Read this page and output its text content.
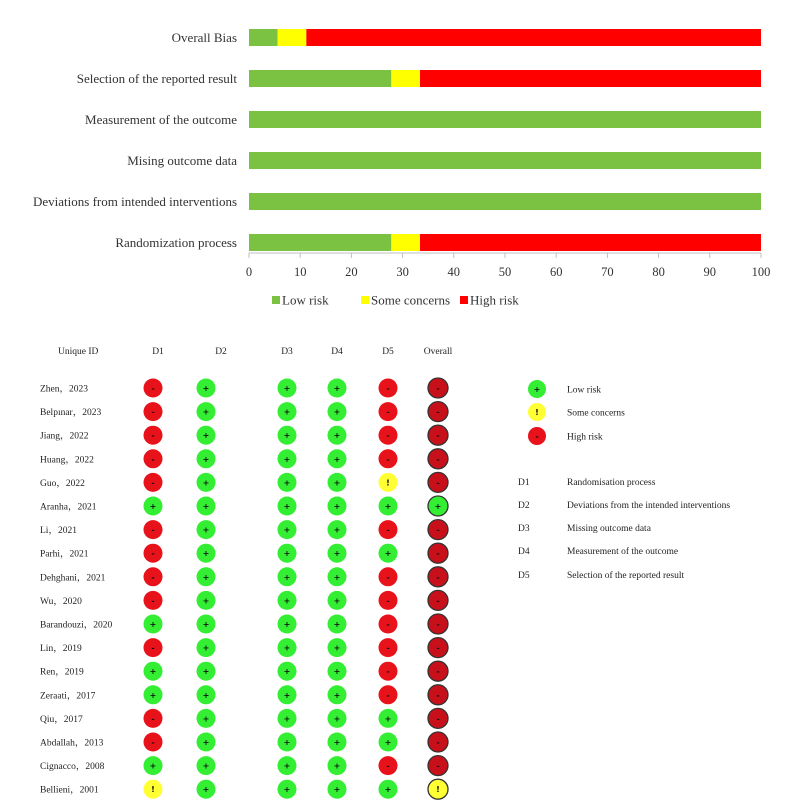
0	10	20	30	40	50	60	70	80	90	100
Overall Bias
Selection of the reported result
Measurement of the outcome
Mising outcome data
Deviations from intended interventions
Randomization process
Low risk	Some concerns High risk
Unique ID	D1	D2	D3	D4	D5	Overall
Zhen，2023	-	+	+	+	-	-
Belpınar，2023	-	+	+	+	-	-
Jiang，2022	-	+	+	+	-	-
Huang，2022	-	+	+	+	-	-
Guo，2022	-	+	+	+	!	-
Aranha，2021	+	+	+	+	+	+
Li，2021	-	+	+	+	-	-
Parhi，2021	-	+	+	+	+	-
Dehghani，2021	-	+	+	+	-	-
Wu，2020	-	+	+	+	-	-
Barandouzi，2020	+	+	+	+	-	-
Lin，2019	-	+	+	+	-	-
Ren，2019	+	+	+	+	-	-
Zeraati，2017	+	+	+	+	-	-
Qiu，2017	-	+	+	+	+	-
Abdallah，2013	-	+	+	+	+	-
Cignacco，2008	+	+	+	+	-	-
Bellieni，2001	!	+	+	+	+	!
+	Low risk
!	Some concerns
-	High risk
D1	Randomisation process
D2	Deviations from the intended interventions
D3	Missing outcome data
D4	Measurement of the outcome
D5	Selection of the reported result
